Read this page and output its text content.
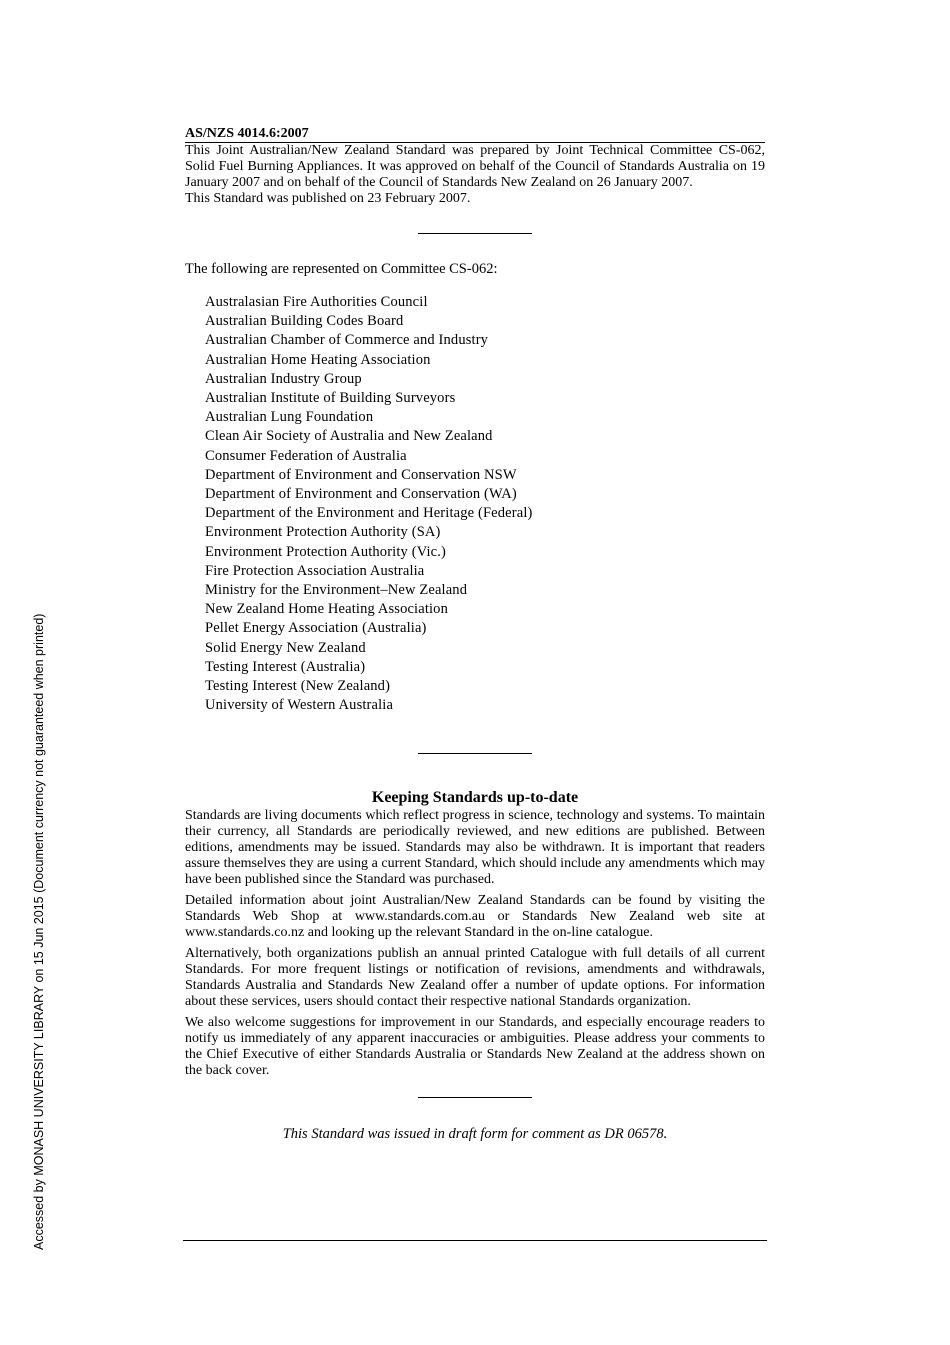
AS/NZS 4014.6:2007

This Joint Australian/New Zealand Standard was prepared by Joint Technical Committee CS-062, Solid Fuel Burning Appliances. It was approved on behalf of the Council of Standards Australia on 19 January 2007 and on behalf of the Council of Standards New Zealand on 26 January 2007.

This Standard was published on 23 February 2007.

The following are represented on Committee CS-062:

Australasian Fire Authorities Council
Australian Building Codes Board
Australian Chamber of Commerce and Industry
Australian Home Heating Association
Australian Industry Group
Australian Institute of Building Surveyors
Australian Lung Foundation
Clean Air Society of Australia and New Zealand
Consumer Federation of Australia
Department of Environment and Conservation NSW
Department of Environment and Conservation (WA)
Department of the Environment and Heritage (Federal)
Environment Protection Authority (SA)
Environment Protection Authority (Vic.)
Fire Protection Association Australia
Ministry for the Environment–New Zealand
New Zealand Home Heating Association
Pellet Energy Association (Australia)
Solid Energy New Zealand
Testing Interest (Australia)
Testing Interest (New Zealand)
University of Western Australia
Keeping Standards up-to-date

Standards are living documents which reflect progress in science, technology and systems. To maintain their currency, all Standards are periodically reviewed, and new editions are published. Between editions, amendments may be issued. Standards may also be withdrawn. It is important that readers assure themselves they are using a current Standard, which should include any amendments which may have been published since the Standard was purchased.

Detailed information about joint Australian/New Zealand Standards can be found by visiting the Standards Web Shop at www.standards.com.au or Standards New Zealand web site at www.standards.co.nz and looking up the relevant Standard in the on-line catalogue.

Alternatively, both organizations publish an annual printed Catalogue with full details of all current Standards. For more frequent listings or notification of revisions, amendments and withdrawals, Standards Australia and Standards New Zealand offer a number of update options. For information about these services, users should contact their respective national Standards organization.

We also welcome suggestions for improvement in our Standards, and especially encourage readers to notify us immediately of any apparent inaccuracies or ambiguities. Please address your comments to the Chief Executive of either Standards Australia or Standards New Zealand at the address shown on the back cover.

This Standard was issued in draft form for comment as DR 06578.

Accessed by MONASH UNIVERSITY LIBRARY on 15 Jun 2015 (Document currency not guaranteed when printed)
